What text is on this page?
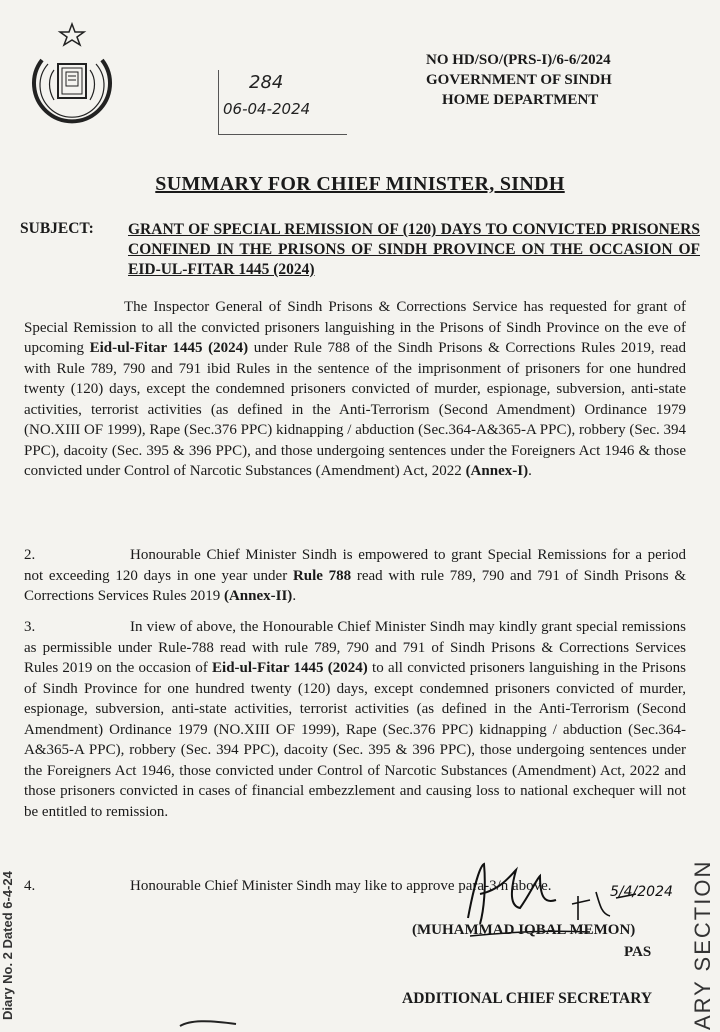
284
06-04-2024
NO HD/SO/(PRS-I)/6-6/2024
GOVERNMENT OF SINDH
HOME DEPARTMENT
SUMMARY FOR CHIEF MINISTER, SINDH
SUBJECT: GRANT OF SPECIAL REMISSION OF (120) DAYS TO CONVICTED PRISONERS CONFINED IN THE PRISONS OF SINDH PROVINCE ON THE OCCASION OF EID-UL-FITAR 1445 (2024)
The Inspector General of Sindh Prisons & Corrections Service has requested for grant of Special Remission to all the convicted prisoners languishing in the Prisons of Sindh Province on the eve of upcoming Eid-ul-Fitar 1445 (2024) under Rule 788 of the Sindh Prisons & Corrections Rules 2019, read with Rule 789, 790 and 791 ibid Rules in the sentence of the imprisonment of prisoners for one hundred twenty (120) days, except the condemned prisoners convicted of murder, espionage, subversion, anti-state activities, terrorist activities (as defined in the Anti-Terrorism (Second Amendment) Ordinance 1979 (NO.XIII OF 1999), Rape (Sec.376 PPC) kidnapping / abduction (Sec.364-A&365-A PPC), robbery (Sec. 394 PPC), dacoity (Sec. 395 & 396 PPC), and those undergoing sentences under the Foreigners Act 1946 & those convicted under Control of Narcotic Substances (Amendment) Act, 2022 (Annex-I).
2.	Honourable Chief Minister Sindh is empowered to grant Special Remissions for a period not exceeding 120 days in one year under Rule 788 read with rule 789, 790 and 791 of Sindh Prisons & Corrections Services Rules 2019 (Annex-II).
3.	In view of above, the Honourable Chief Minister Sindh may kindly grant special remissions as permissible under Rule-788 read with rule 789, 790 and 791 of Sindh Prisons & Corrections Services Rules 2019 on the occasion of Eid-ul-Fitar 1445 (2024) to all convicted prisoners languishing in the Prisons of Sindh Province for one hundred twenty (120) days, except condemned prisoners convicted of murder, espionage, subversion, anti-state activities, terrorist activities (as defined in the Anti-Terrorism (Second Amendment) Ordinance 1979 (NO.XIII OF 1999), Rape (Sec.376 PPC) kidnapping / abduction (Sec.364-A&365-A PPC), robbery (Sec. 394 PPC), dacoity (Sec. 395 & 396 PPC), those undergoing sentences under the Foreigners Act 1946, those convicted under Control of Narcotic Substances (Amendment) Act, 2022 and those prisoners convicted in cases of financial embezzlement and causing loss to national exchequer will not be entitled to remission.
4.	Honourable Chief Minister Sindh may like to approve para-3/n above.	5/4/2024
(MUHAMMAD IQBAL MEMON)
PAS
ADDITIONAL CHIEF SECRETARY ARY SECTION
Diary No. 2 Dated 6-4-24
